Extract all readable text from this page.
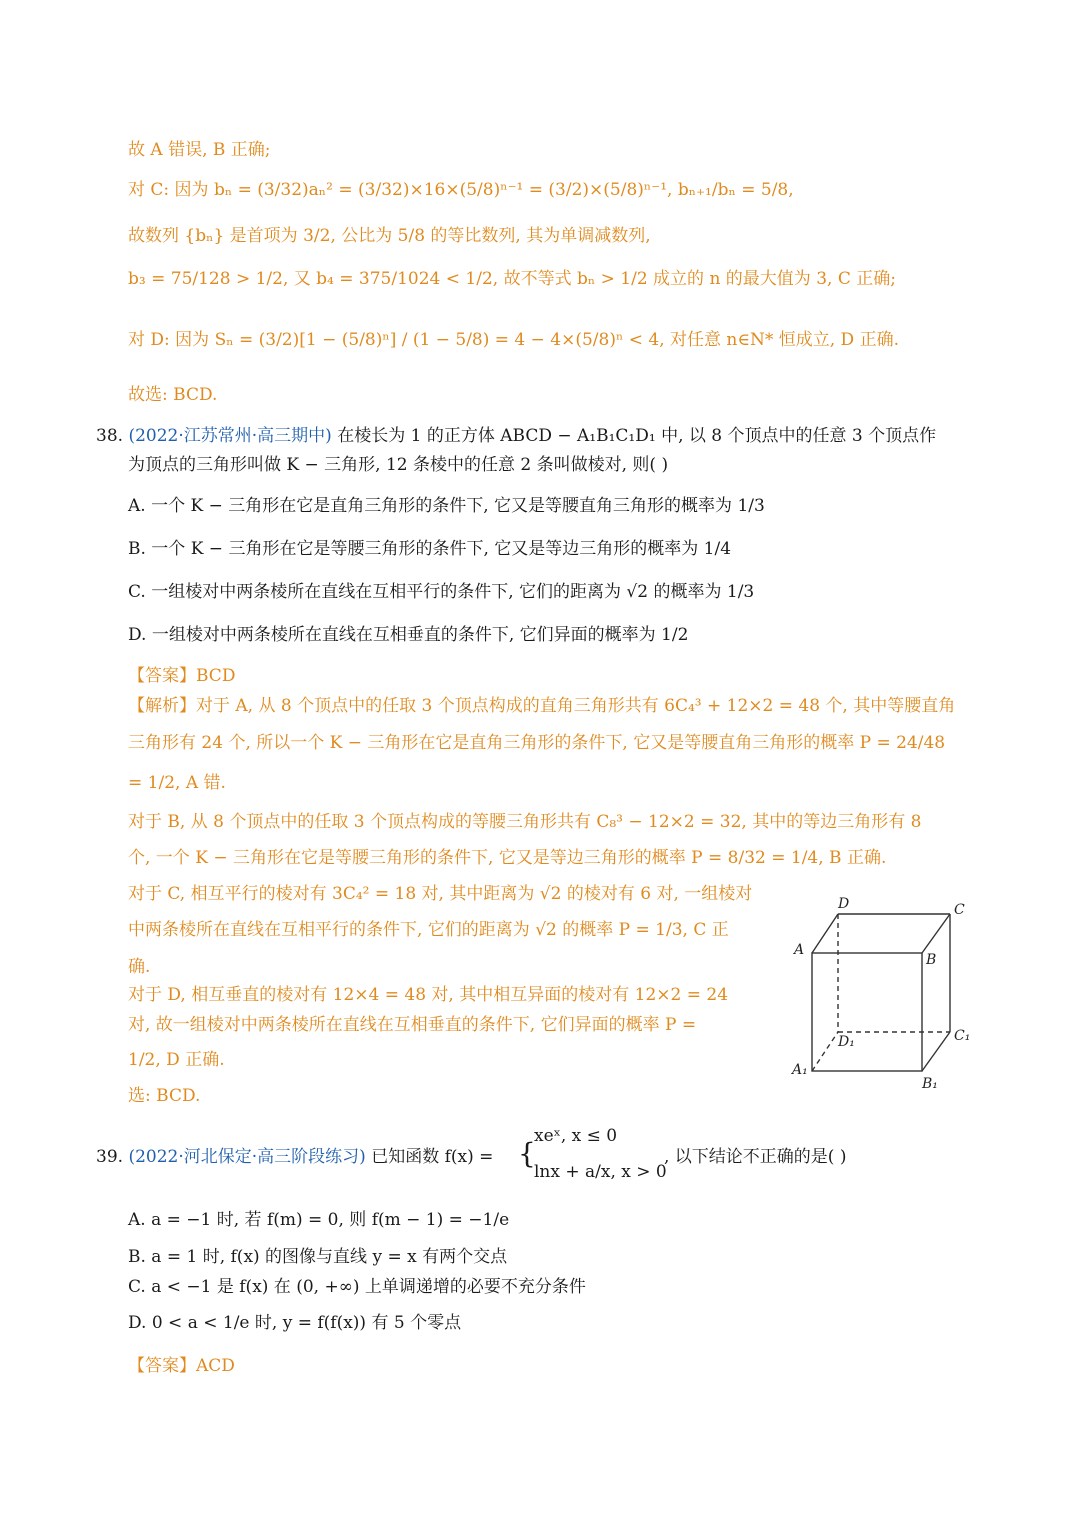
故 A 错误, B 正确;
对 C: 因为 bₙ = (3/32)aₙ² = (3/32)×16×(5/8)ⁿ⁻¹ = (3/2)×(5/8)ⁿ⁻¹, bₙ₊₁/bₙ = 5/8,
故数列 {bₙ} 是首项为 3/2, 公比为 5/8 的等比数列, 其为单调减数列,
b₃ = 75/128 > 1/2, 又 b₄ = 375/1024 < 1/2, 故不等式 bₙ > 1/2 成立的 n 的最大值为 3, C 正确;
对 D: 因为 Sₙ = (3/2)[1 − (5/8)ⁿ] / (1 − 5/8) = 4 − 4×(5/8)ⁿ < 4, 对任意 n∈N* 恒成立, D 正确.
故选: BCD.
38. (2022·江苏常州·高三期中) 在棱长为 1 的正方体 ABCD − A₁B₁C₁D₁ 中, 以 8 个顶点中的任意 3 个顶点作
为顶点的三角形叫做 K − 三角形, 12 条棱中的任意 2 条叫做棱对, 则( )
A. 一个 K − 三角形在它是直角三角形的条件下, 它又是等腰直角三角形的概率为 1/3
B. 一个 K − 三角形在它是等腰三角形的条件下, 它又是等边三角形的概率为 1/4
C. 一组棱对中两条棱所在直线在互相平行的条件下, 它们的距离为 √2 的概率为 1/3
D. 一组棱对中两条棱所在直线在互相垂直的条件下, 它们异面的概率为 1/2
【答案】BCD
【解析】对于 A, 从 8 个顶点中的任取 3 个顶点构成的直角三角形共有 6C₄³ + 12×2 = 48 个, 其中等腰直角
三角形有 24 个, 所以一个 K − 三角形在它是直角三角形的条件下, 它又是等腰直角三角形的概率 P = 24/48
= 1/2, A 错.
对于 B, 从 8 个顶点中的任取 3 个顶点构成的等腰三角形共有 C₈³ − 12×2 = 32, 其中的等边三角形有 8
个, 一个 K − 三角形在它是等腰三角形的条件下, 它又是等边三角形的概率 P = 8/32 = 1/4, B 正确.
对于 C, 相互平行的棱对有 3C₄² = 18 对, 其中距离为 √2 的棱对有 6 对, 一组棱对
中两条棱所在直线在互相平行的条件下, 它们的距离为 √2 的概率 P = 1/3, C 正
确.
对于 D, 相互垂直的棱对有 12×4 = 48 对, 其中相互异面的棱对有 12×2 = 24
对, 故一组棱对中两条棱所在直线在互相垂直的条件下, 它们异面的概率 P =
1/2, D 正确.
选: BCD.
D	C
A
B
C₁
D₁
A₁
B₁
39. (2022·河北保定·高三阶段练习) 已知函数 f(x) = {
xeˣ, x ≤ 0
lnx + a/x, x > 0
, 以下结论不正确的是( )
A. a = −1 时, 若 f(m) = 0, 则 f(m − 1) = −1/e
B. a = 1 时, f(x) 的图像与直线 y = x 有两个交点
C. a < −1 是 f(x) 在 (0, +∞) 上单调递增的必要不充分条件
D. 0 < a < 1/e 时, y = f(f(x)) 有 5 个零点
【答案】ACD
